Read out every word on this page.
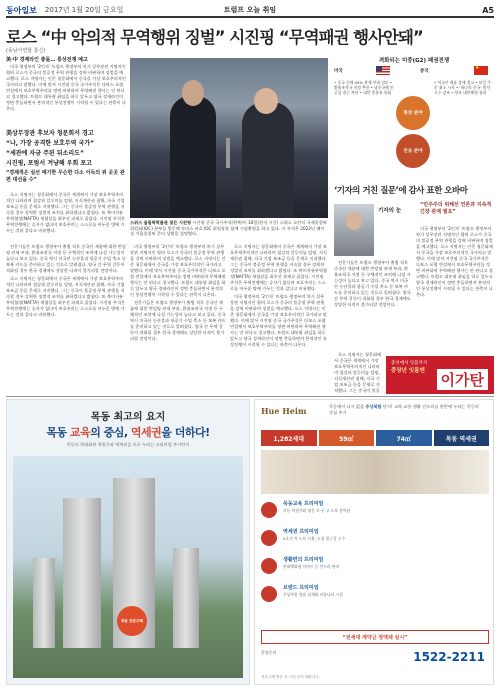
동아일보 2017년 1월 20일 금요일	트럼프 오늘 취임	A5
로스 “中 악의적 무역행위 징벌” 시진핑 “무역패권 행사안돼”
(동남아연합 통신)
美·中 경제라인 충돌… 통상전쟁 예고

미국 행정부의 ‘2인자’ 트럼프 행정부의 차기 상무장관 지명자인 윌버 로스가 중국의 불공정 무역 관행을 강력 비판하며 징벌을 예고했다. 로스 지명자는 인준 청문회에서 중국을 가장 보호주의적인 국가라고 말했다. 이에 맞서 시진핑 중국 국가주석은 다보스 포럼 연설에서 보호무역주의를 정면 비판하며 무역패권 행사는 안 된다고 경고했다. 트럼프 대통령 취임을 하루 앞두고 양국 경제라인이 정면 충돌하면서 본격적인 통상전쟁이 시작될 수 있다는 관측이 나온다.

美상무장관 후보자 청문회서 경고
“나, 가장 공격한 보호무역 국가”
“세관에 자금 주된 뒤소리도”
시진핑, 포럼서 겨냥해 우회 포고
“경제적은 실선 얘기한 무슨한 다소 이득의 위 곳곳 관 편 대선을 수”

로스 지명자는 청문회에서 중국은 세계에서 가장 보호무역주의적인 나라라며 철강과 알루미늄 덤핑, 지식재산권 침해, 자국 기업 보조금 등을 문제로 지적했다. 그는 중국이 불공정 무역 관행을 지속할 경우 강력한 징벌적 조치를 취하겠다고 밝혔다. 또 북미자유무역협정(NAFTA) 재협상을 최우선 과제로 꼽았다. 시진핑 주석은 무역전쟁에는 승자가 없다며 보호주의는 스스로를 어두운 방에 가두는 것과 같다고 비유했다.

스위스 올림픽박물관 찾은 시진핑 시진핑 중국 국가주석(왼쪽)이 18일(현지 시간) 스위스 로잔의 국제올림픽위원회(IOC) 본부를 방문해 토마스 바흐 IOC 위원장과 함께 기념촬영을 하고 있다. 시 주석은 2022년 베이징 겨울올림픽 준비 상황을 설명했다.

전문가들은 트럼프 행정부가 출범 직후 중국산 제품에 대한 반덤핑 관세 부과, 환율조작국 지정 등 구체적인 조치에 나설 가능성이 높다고 보고 있다. 중국 역시 미국산 농산물과 항공기 수입 축소 등 보복 카드를 준비하고 있는 것으로 알려졌다. 양국 간 무역 갈등이 격화될 경우 한국 경제에도 상당한 타격이 불가피할 전망이다.

로스 지명자는 청문회에서 중국은 세계에서 가장 보호무역주의적인 나라라며 철강과 알루미늄 덤핑, 지식재산권 침해, 자국 기업 보조금 등을 문제로 지적했다. 그는 중국이 불공정 무역 관행을 지속할 경우 강력한 징벌적 조치를 취하겠다고 밝혔다. 또 북미자유무역협정(NAFTA) 재협상을 최우선 과제로 꼽았다. 시진핑 주석은 무역전쟁에는 승자가 없다며 보호주의는 스스로를 어두운 방에 가두는 것과 같다고 비유했다.

미국 행정부의 ‘2인자’ 트럼프 행정부의 차기 상무장관 지명자인 윌버 로스가 중국의 불공정 무역 관행을 강력 비판하며 징벌을 예고했다. 로스 지명자는 인준 청문회에서 중국을 가장 보호주의적인 국가라고 말했다. 이에 맞서 시진핑 중국 국가주석은 다보스 포럼 연설에서 보호무역주의를 정면 비판하며 무역패권 행사는 안 된다고 경고했다. 트럼프 대통령 취임을 하루 앞두고 양국 경제라인이 정면 충돌하면서 본격적인 통상전쟁이 시작될 수 있다는 관측이 나온다.

전문가들은 트럼프 행정부가 출범 직후 중국산 제품에 대한 반덤핑 관세 부과, 환율조작국 지정 등 구체적인 조치에 나설 가능성이 높다고 보고 있다. 중국 역시 미국산 농산물과 항공기 수입 축소 등 보복 카드를 준비하고 있는 것으로 알려졌다. 양국 간 무역 갈등이 격화될 경우 한국 경제에도 상당한 타격이 불가피할 전망이다.

로스 지명자는 청문회에서 중국은 세계에서 가장 보호무역주의적인 나라라며 철강과 알루미늄 덤핑, 지식재산권 침해, 자국 기업 보조금 등을 문제로 지적했다. 그는 중국이 불공정 무역 관행을 지속할 경우 강력한 징벌적 조치를 취하겠다고 밝혔다. 또 북미자유무역협정(NAFTA) 재협상을 최우선 과제로 꼽았다. 시진핑 주석은 무역전쟁에는 승자가 없다며 보호주의는 스스로를 어두운 방에 가두는 것과 같다고 비유했다.

미국 행정부의 ‘2인자’ 트럼프 행정부의 차기 상무장관 지명자인 윌버 로스가 중국의 불공정 무역 관행을 강력 비판하며 징벌을 예고했다. 로스 지명자는 인준 청문회에서 중국을 가장 보호주의적인 국가라고 말했다. 이에 맞서 시진핑 중국 국가주석은 다보스 포럼 연설에서 보호무역주의를 정면 비판하며 무역패권 행사는 안 된다고 경고했다. 트럼프 대통령 취임을 하루 앞두고 양국 경제라인이 정면 충돌하면서 본격적인 통상전쟁이 시작될 수 있다는 관측이 나온다.

격화되는 미중(G2) 패권전쟁
미국	중국
★
• 중국 등에 45% 관세 부과 검토 • 환율조작국 지정 추진 • 남중국해 인공섬 접근 차단 • 대만 총통과 통화
통상 분야
안보 분야
• 미국산 제품 불매 경고 • 보잉 주문 취소 시사 • ‘하나의 중국’ 원칙 고수 강조 • 항모 대만해협 통과
‘기자의 거친 질문’에 감사 표한 오바마
기자의 눈
“민주주의 위해선 언론과 지속적 긴장 관계 필요”

전문가들은 트럼프 행정부가 출범 직후 중국산 제품에 대한 반덤핑 관세 부과, 환율조작국 지정 등 구체적인 조치에 나설 가능성이 높다고 보고 있다. 중국 역시 미국산 농산물과 항공기 수입 축소 등 보복 카드를 준비하고 있는 것으로 알려졌다. 양국 간 무역 갈등이 격화될 경우 한국 경제에도 상당한 타격이 불가피할 전망이다.

미국 행정부의 ‘2인자’ 트럼프 행정부의 차기 상무장관 지명자인 윌버 로스가 중국의 불공정 무역 관행을 강력 비판하며 징벌을 예고했다. 로스 지명자는 인준 청문회에서 중국을 가장 보호주의적인 국가라고 말했다. 이에 맞서 시진핑 중국 국가주석은 다보스 포럼 연설에서 보호무역주의를 정면 비판하며 무역패권 행사는 안 된다고 경고했다. 트럼프 대통령 취임을 하루 앞두고 양국 경제라인이 정면 충돌하면서 본격적인 통상전쟁이 시작될 수 있다는 관측이 나온다.

로스 지명자는 청문회에서 중국은 세계에서 가장 보호무역주의적인 나라라며 철강과 알루미늄 덤핑, 지식재산권 침해, 자국 기업 보조금 등을 문제로 지적했다. 그는 중국이 불공

충치에서 잇몸까지
중장년 잇몸엔	이가탄
목동 최고의 요지
목동 교육의 중심, 역세권을 더하다!
목동의 현대화된 학원가와 역세권을 모두 누리는 프리미엄 주거단지
목동 견본주택
Hue Heim	목동에서 다시 없을 주상복합 단지! 교육·교통·생활 인프라를 한번에 누리는 목동의 중심 주거
1,282세대	59㎡	74㎡	목동 역세권
목동교육 프리미엄
목동 학원가와 명문 초·중·고 도보 통학권
역세권 프리미엄
5호선 역 도보 이용, 도심 접근성 우수
생활편의 프리미엄
현대백화점·이마트 등 인프라 완비
브랜드 프리미엄
주상복합 명품 설계와 커뮤니티 시설
“전세대 계약금 정액제 실시”
분양문의	1522-2211
견본주택 방문 전 사전 문의 바랍니다.
